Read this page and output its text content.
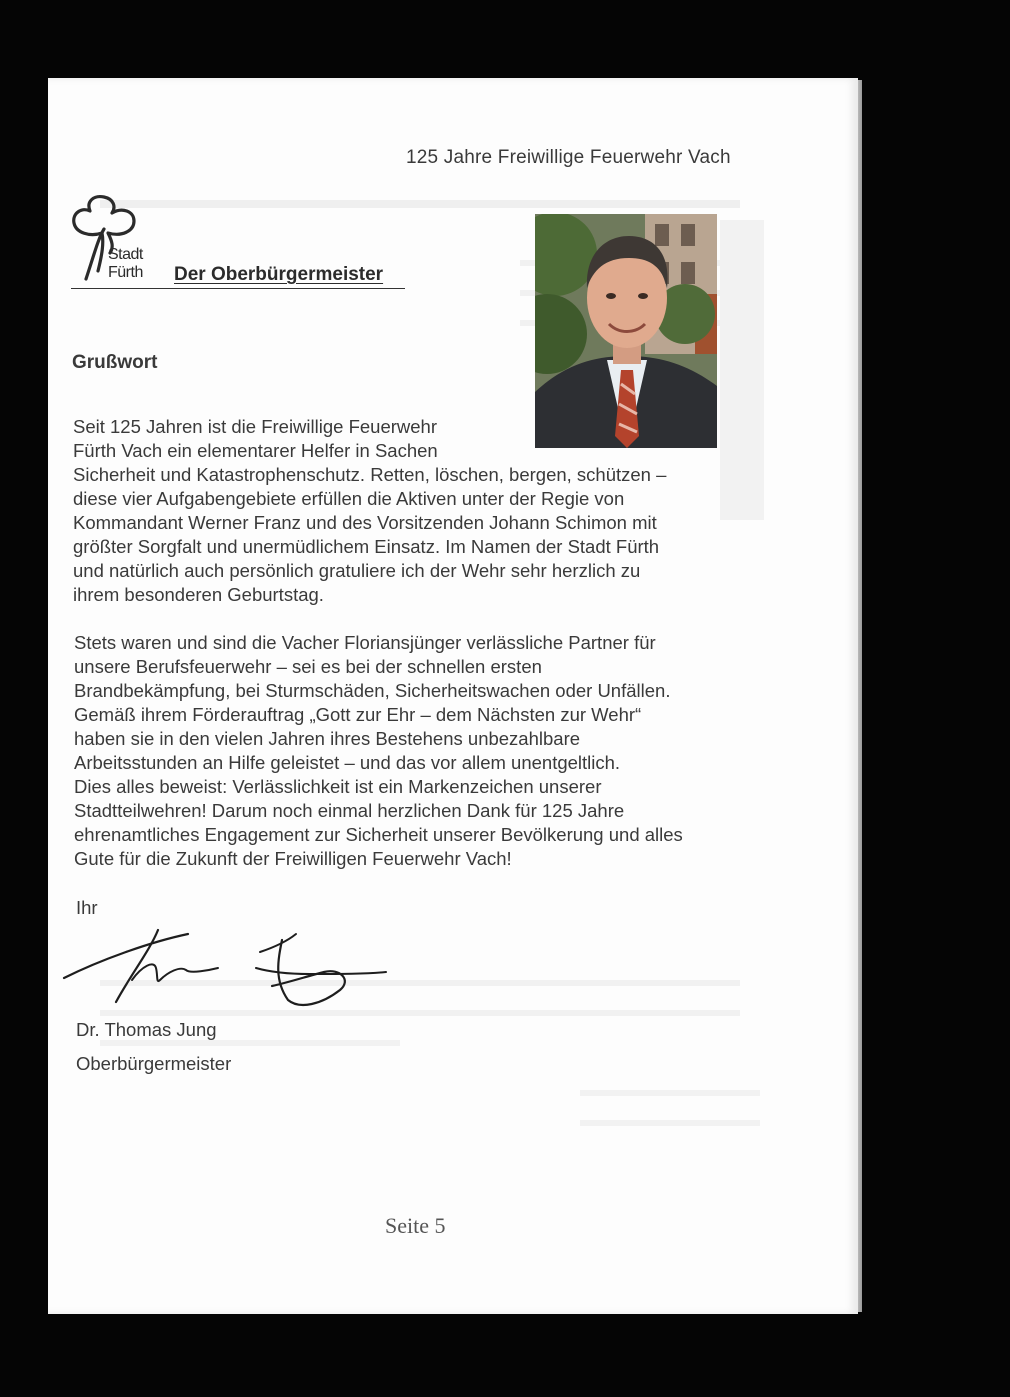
125 Jahre Freiwillige Feuerwehr Vach
Stadt
Fürth Der Oberbürgermeister
Grußwort
Seit 125 Jahren ist die Freiwillige Feuerwehr
Fürth Vach ein elementarer Helfer in Sachen
Sicherheit und Katastrophenschutz. Retten, löschen, bergen, schützen –
diese vier Aufgabengebiete erfüllen die Aktiven unter der Regie von
Kommandant Werner Franz und des Vorsitzenden Johann Schimon mit
größter Sorgfalt und unermüdlichem Einsatz. Im Namen der Stadt Fürth
und natürlich auch persönlich gratuliere ich der Wehr sehr herzlich zu
ihrem besonderen Geburtstag.
Stets waren und sind die Vacher Floriansjünger verlässliche Partner für
unsere Berufsfeuerwehr – sei es bei der schnellen ersten
Brandbekämpfung, bei Sturmschäden, Sicherheitswachen oder Unfällen.
Gemäß ihrem Förderauftrag „Gott zur Ehr – dem Nächsten zur Wehr“
haben sie in den vielen Jahren ihres Bestehens unbezahlbare
Arbeitsstunden an Hilfe geleistet – und das vor allem unentgeltlich.
Dies alles beweist: Verlässlichkeit ist ein Markenzeichen unserer
Stadtteilwehren! Darum noch einmal herzlichen Dank für 125 Jahre
ehrenamtliches Engagement zur Sicherheit unserer Bevölkerung und alles
Gute für die Zukunft der Freiwilligen Feuerwehr Vach!
Ihr
Dr. Thomas Jung
Oberbürgermeister
Seite 5
